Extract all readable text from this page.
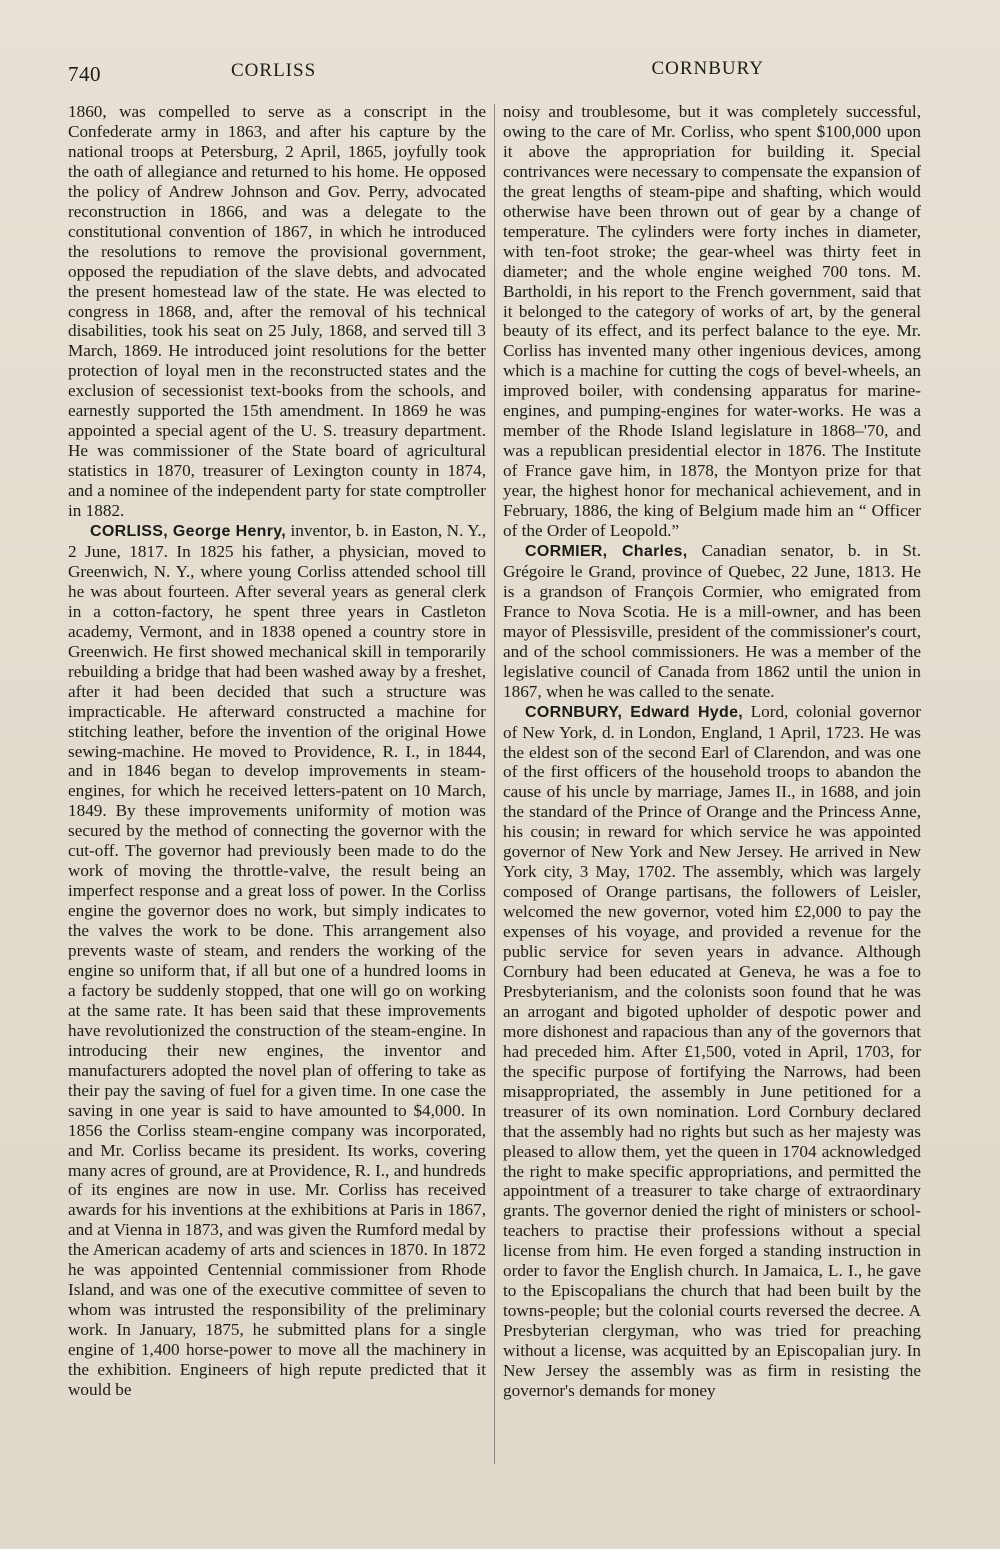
740	CORLISS	CORNBURY

1860, was compelled to serve as a conscript in the Confederate army in 1863, and after his capture by the national troops at Petersburg, 2 April, 1865, joyfully took the oath of allegiance and returned to his home. He opposed the policy of Andrew Johnson and Gov. Perry, advocated reconstruction in 1866, and was a delegate to the constitutional convention of 1867, in which he introduced the resolutions to remove the provisional government, opposed the repudiation of the slave debts, and advocated the present homestead law of the state. He was elected to congress in 1868, and, after the removal of his technical disabilities, took his seat on 25 July, 1868, and served till 3 March, 1869. He introduced joint resolutions for the better protection of loyal men in the reconstructed states and the exclusion of secessionist text-books from the schools, and earnestly supported the 15th amendment. In 1869 he was appointed a special agent of the U. S. treasury department. He was commissioner of the State board of agricultural statistics in 1870, treasurer of Lexington county in 1874, and a nominee of the independent party for state comptroller in 1882.

CORLISS, George Henry, inventor, b. in Easton, N. Y., 2 June, 1817. In 1825 his father, a physician, moved to Greenwich, N. Y., where young Corliss attended school till he was about fourteen. After several years as general clerk in a cotton-factory, he spent three years in Castleton academy, Vermont, and in 1838 opened a country store in Greenwich. He first showed mechanical skill in temporarily rebuilding a bridge that had been washed away by a freshet, after it had been decided that such a structure was impracticable. He afterward constructed a machine for stitching leather, before the invention of the original Howe sewing-machine. He moved to Providence, R. I., in 1844, and in 1846 began to develop improvements in steam-engines, for which he received letters-patent on 10 March, 1849. By these improvements uniformity of motion was secured by the method of connecting the governor with the cut-off. The governor had previously been made to do the work of moving the throttle-valve, the result being an imperfect response and a great loss of power. In the Corliss engine the governor does no work, but simply indicates to the valves the work to be done. This arrangement also prevents waste of steam, and renders the working of the engine so uniform that, if all but one of a hundred looms in a factory be suddenly stopped, that one will go on working at the same rate. It has been said that these improvements have revolutionized the construction of the steam-engine. In introducing their new engines, the inventor and manufacturers adopted the novel plan of offering to take as their pay the saving of fuel for a given time. In one case the saving in one year is said to have amounted to $4,000. In 1856 the Corliss steam-engine company was incorporated, and Mr. Corliss became its president. Its works, covering many acres of ground, are at Providence, R. I., and hundreds of its engines are now in use. Mr. Corliss has received awards for his inventions at the exhibitions at Paris in 1867, and at Vienna in 1873, and was given the Rumford medal by the American academy of arts and sciences in 1870. In 1872 he was appointed Centennial commissioner from Rhode Island, and was one of the executive committee of seven to whom was intrusted the responsibility of the preliminary work. In January, 1875, he submitted plans for a single engine of 1,400 horse-power to move all the machinery in the exhibition. Engineers of high repute predicted that it would be

noisy and troublesome, but it was completely successful, owing to the care of Mr. Corliss, who spent $100,000 upon it above the appropriation for building it. Special contrivances were necessary to compensate the expansion of the great lengths of steam-pipe and shafting, which would otherwise have been thrown out of gear by a change of temperature. The cylinders were forty inches in diameter, with ten-foot stroke; the gear-wheel was thirty feet in diameter; and the whole engine weighed 700 tons. M. Bartholdi, in his report to the French government, said that it belonged to the category of works of art, by the general beauty of its effect, and its perfect balance to the eye. Mr. Corliss has invented many other ingenious devices, among which is a machine for cutting the cogs of bevel-wheels, an improved boiler, with condensing apparatus for marine-engines, and pumping-engines for water-works. He was a member of the Rhode Island legislature in 1868–'70, and was a republican presidential elector in 1876. The Institute of France gave him, in 1878, the Montyon prize for that year, the highest honor for mechanical achievement, and in February, 1886, the king of Belgium made him an “ Officer of the Order of Leopold.”

CORMIER, Charles, Canadian senator, b. in St. Grégoire le Grand, province of Quebec, 22 June, 1813. He is a grandson of François Cormier, who emigrated from France to Nova Scotia. He is a mill-owner, and has been mayor of Plessisville, president of the commissioner's court, and of the school commissioners. He was a member of the legislative council of Canada from 1862 until the union in 1867, when he was called to the senate.

CORNBURY, Edward Hyde, Lord, colonial governor of New York, d. in London, England, 1 April, 1723. He was the eldest son of the second Earl of Clarendon, and was one of the first officers of the household troops to abandon the cause of his uncle by marriage, James II., in 1688, and join the standard of the Prince of Orange and the Princess Anne, his cousin; in reward for which service he was appointed governor of New York and New Jersey. He arrived in New York city, 3 May, 1702. The assembly, which was largely composed of Orange partisans, the followers of Leisler, welcomed the new governor, voted him £2,000 to pay the expenses of his voyage, and provided a revenue for the public service for seven years in advance. Although Cornbury had been educated at Geneva, he was a foe to Presbyterianism, and the colonists soon found that he was an arrogant and bigoted upholder of despotic power and more dishonest and rapacious than any of the governors that had preceded him. After £1,500, voted in April, 1703, for the specific purpose of fortifying the Narrows, had been misappropriated, the assembly in June petitioned for a treasurer of its own nomination. Lord Cornbury declared that the assembly had no rights but such as her majesty was pleased to allow them, yet the queen in 1704 acknowledged the right to make specific appropriations, and permitted the appointment of a treasurer to take charge of extraordinary grants. The governor denied the right of ministers or school-teachers to practise their professions without a special license from him. He even forged a standing instruction in order to favor the English church. In Jamaica, L. I., he gave to the Episcopalians the church that had been built by the towns-people; but the colonial courts reversed the decree. A Presbyterian clergyman, who was tried for preaching without a license, was acquitted by an Episcopalian jury. In New Jersey the assembly was as firm in resisting the governor's demands for money
